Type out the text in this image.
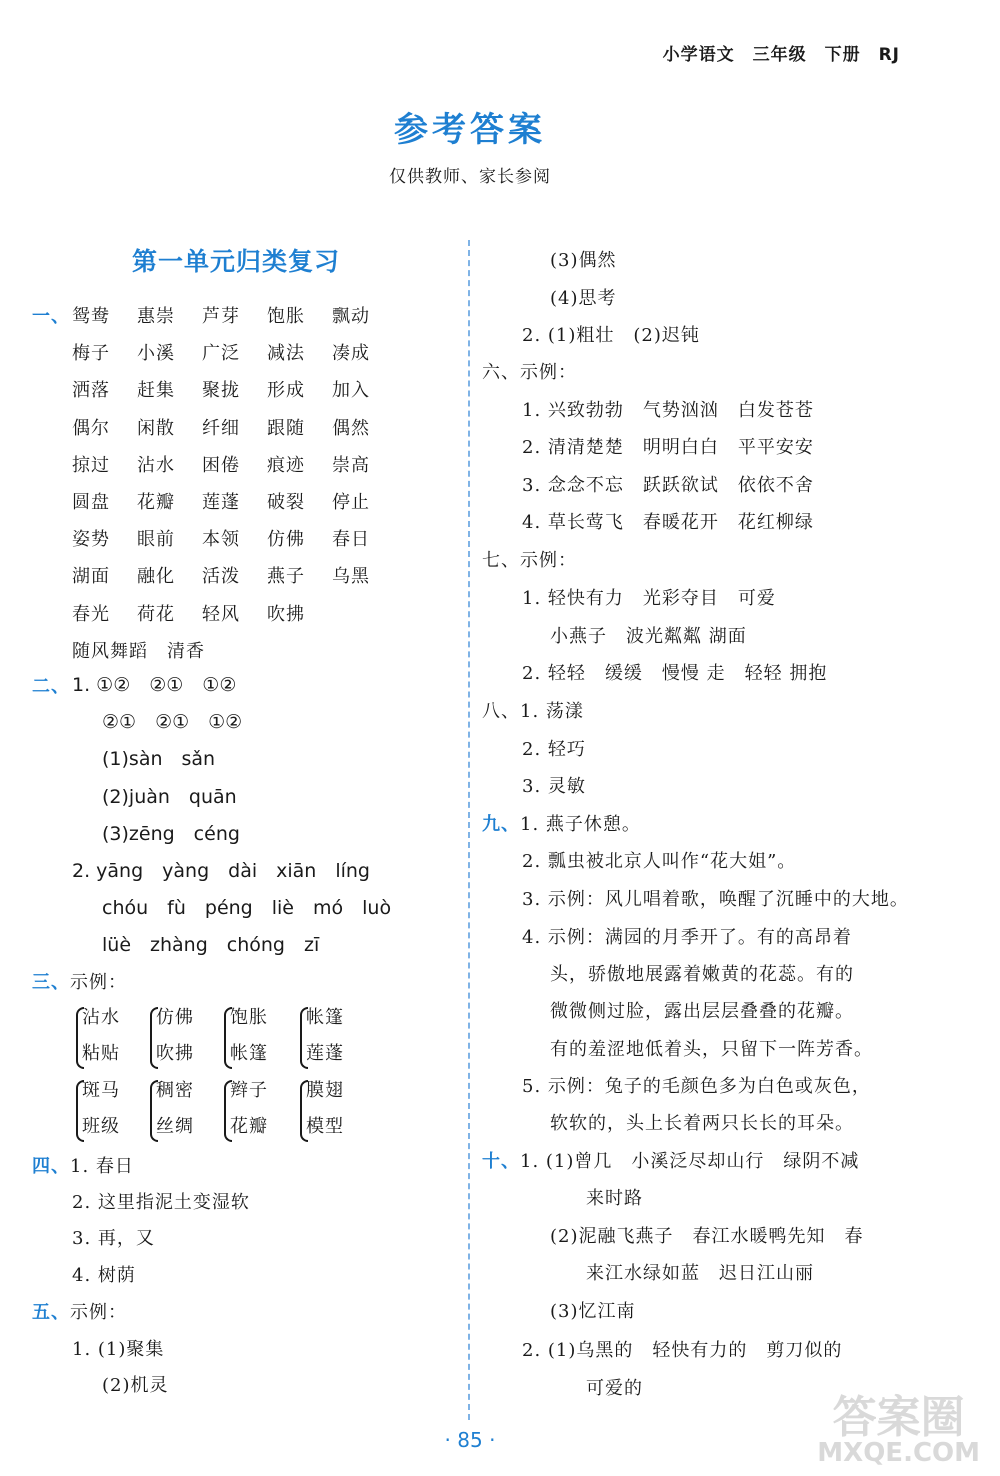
小学语文 三年级 下册 RJ
参考答案
仅供教师、家长参阅
第一单元归类复习
一、 鸳鸯 惠崇 芦芽 饱胀 飘动
梅子 小溪 广泛 减法 凑成
洒落 赶集 聚拢 形成 加入
偶尔 闲散 纤细 跟随 偶然
掠过 沾水 困倦 痕迹 崇高
圆盘 花瓣 莲蓬 破裂 停止
姿势 眼前 本领 仿佛 春日
湖面 融化 活泼 燕子 乌黑
春光 荷花 轻风 吹拂
随风舞蹈　清香
二、 1. ①②　②①　①②
②①　②①　①②
(1)sàn　sǎn
(2)juàn　quān
(3)zēng　céng
2. yāng　yàng　dài　xiān　líng
chóu　fù　péng　liè　mó　luò
lüè　zhàng　chóng　zī
三、示例：
沾水
粘贴
仿佛
吹拂
饱胀
帐篷
帐篷
莲蓬
斑马
班级
稠密
丝绸
辫子
花瓣
膜翅
模型
四、1. 春日
2. 这里指泥土变湿软
3. 再，又
4. 树荫
五、示例：
1. (1)聚集
(2)机灵
(3)偶然
(4)思考
2. (1)粗壮　(2)迟钝
六、示例：
1. 兴致勃勃　气势汹汹　白发苍苍
2. 清清楚楚　明明白白　平平安安
3. 念念不忘　跃跃欲试　依依不舍
4. 草长莺飞　春暖花开　花红柳绿
七、示例：
1. 轻快有力　光彩夺目　可爱
小燕子　波光粼粼 湖面
2. 轻轻　缓缓　慢慢 走　轻轻 拥抱
八、1. 荡漾
2. 轻巧
3. 灵敏
九、1. 燕子休憩。
2. 瓢虫被北京人叫作“花大姐”。
3. 示例：风儿唱着歌，唤醒了沉睡中的大地。
4. 示例：满园的月季开了。有的高昂着
头，骄傲地展露着嫩黄的花蕊。有的
微微侧过脸，露出层层叠叠的花瓣。
有的羞涩地低着头，只留下一阵芳香。
5. 示例：兔子的毛颜色多为白色或灰色，
软软的，头上长着两只长长的耳朵。
十、1. (1)曾几　小溪泛尽却山行　绿阴不减
来时路
(2)泥融飞燕子　春江水暖鸭先知　春
来江水绿如蓝　迟日江山丽
(3)忆江南
2. (1)乌黑的　轻快有力的　剪刀似的
可爱的
· 85 ·	答案圈
MXQE.COM
